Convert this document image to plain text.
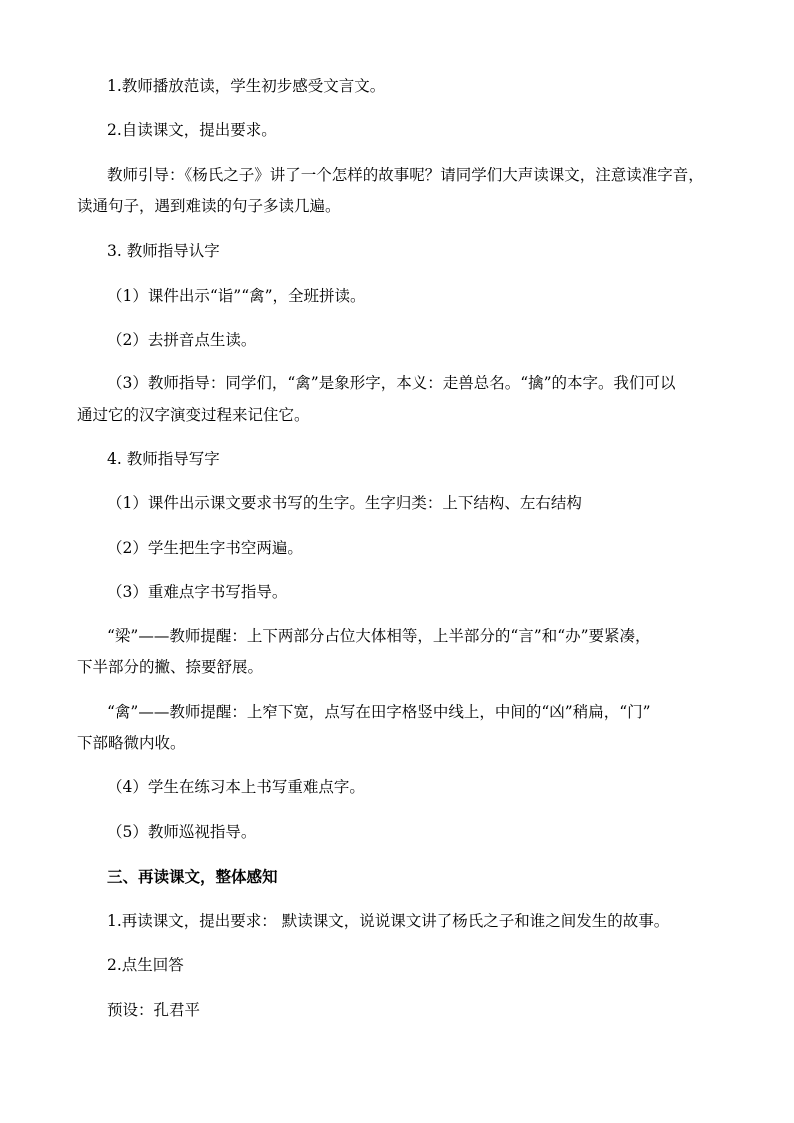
1.教师播放范读，学生初步感受文言文。

2.自读课文，提出要求。

教师引导：《杨氏之子》讲了一个怎样的故事呢？请同学们大声读课文，注意读准字音，

读通句子，遇到难读的句子多读几遍。

3. 教师指导认字

（1）课件出示“诣”“禽”，全班拼读。

（2）去拼音点生读。

（3）教师指导：同学们，“禽”是象形字，本义：走兽总名。“擒”的本字。我们可以

通过它的汉字演变过程来记住它。

4. 教师指导写字

（1）课件出示课文要求书写的生字。生字归类：上下结构、左右结构

（2）学生把生字书空两遍。

（3）重难点字书写指导。

“梁”——教师提醒：上下两部分占位大体相等，上半部分的“言”和“办”要紧凑，

下半部分的撇、捺要舒展。

“禽”——教师提醒：上窄下宽，点写在田字格竖中线上，中间的“凶”稍扁，“门”

下部略微内收。

（4）学生在练习本上书写重难点字。

（5）教师巡视指导。

三、再读课文，整体感知

1.再读课文，提出要求： 默读课文，说说课文讲了杨氏之子和谁之间发生的故事。

2.点生回答

预设：孔君平
